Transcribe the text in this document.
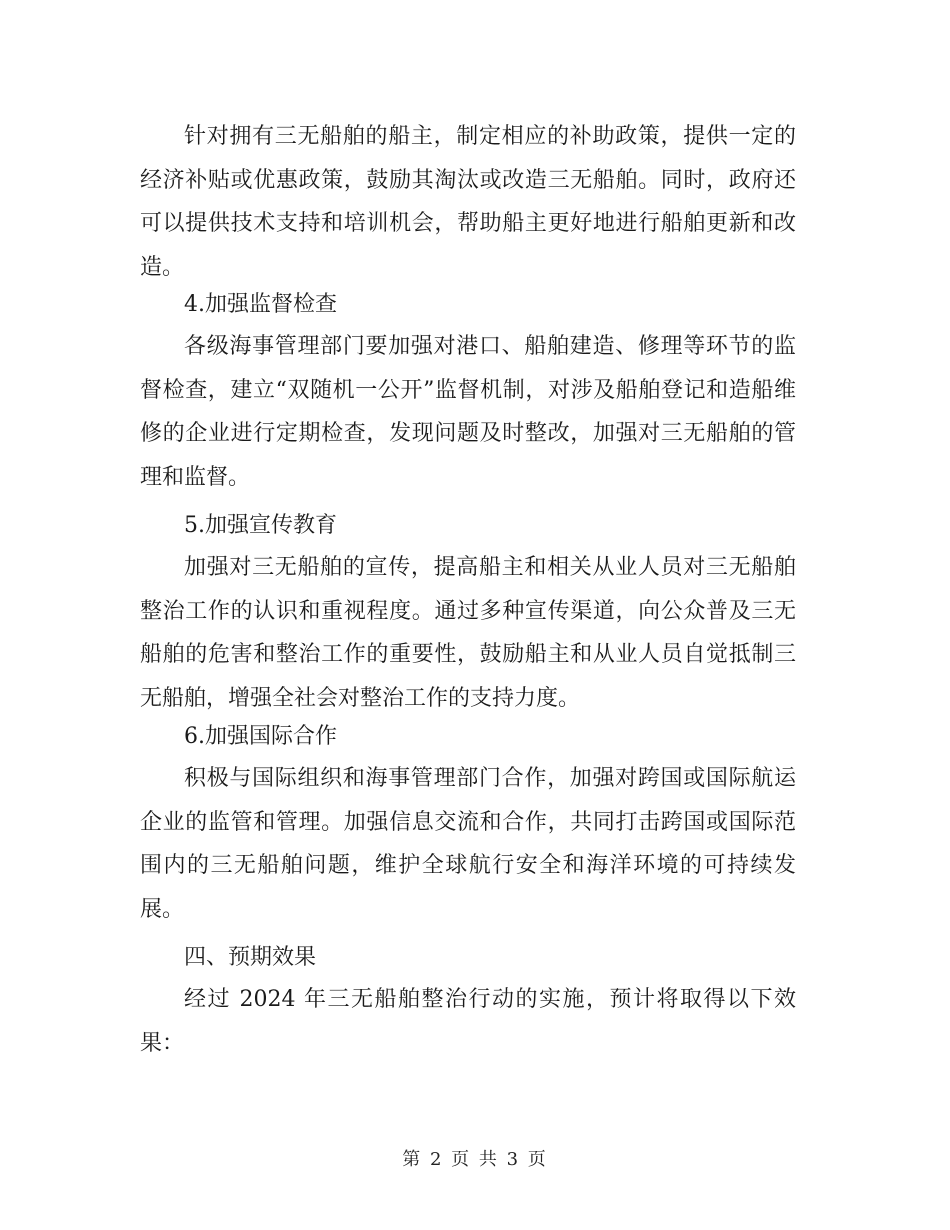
针对拥有三无船舶的船主，制定相应的补助政策，提供一定的经济补贴或优惠政策，鼓励其淘汰或改造三无船舶。同时，政府还可以提供技术支持和培训机会，帮助船主更好地进行船舶更新和改造。

4.加强监督检查

各级海事管理部门要加强对港口、船舶建造、修理等环节的监督检查，建立“双随机一公开”监督机制，对涉及船舶登记和造船维修的企业进行定期检查，发现问题及时整改，加强对三无船舶的管理和监督。

5.加强宣传教育

加强对三无船舶的宣传，提高船主和相关从业人员对三无船舶整治工作的认识和重视程度。通过多种宣传渠道，向公众普及三无船舶的危害和整治工作的重要性，鼓励船主和从业人员自觉抵制三无船舶，增强全社会对整治工作的支持力度。

6.加强国际合作

积极与国际组织和海事管理部门合作，加强对跨国或国际航运企业的监管和管理。加强信息交流和合作，共同打击跨国或国际范围内的三无船舶问题，维护全球航行安全和海洋环境的可持续发展。

四、预期效果

经过 2024 年三无船舶整治行动的实施，预计将取得以下效果：

第 2 页 共 3 页
